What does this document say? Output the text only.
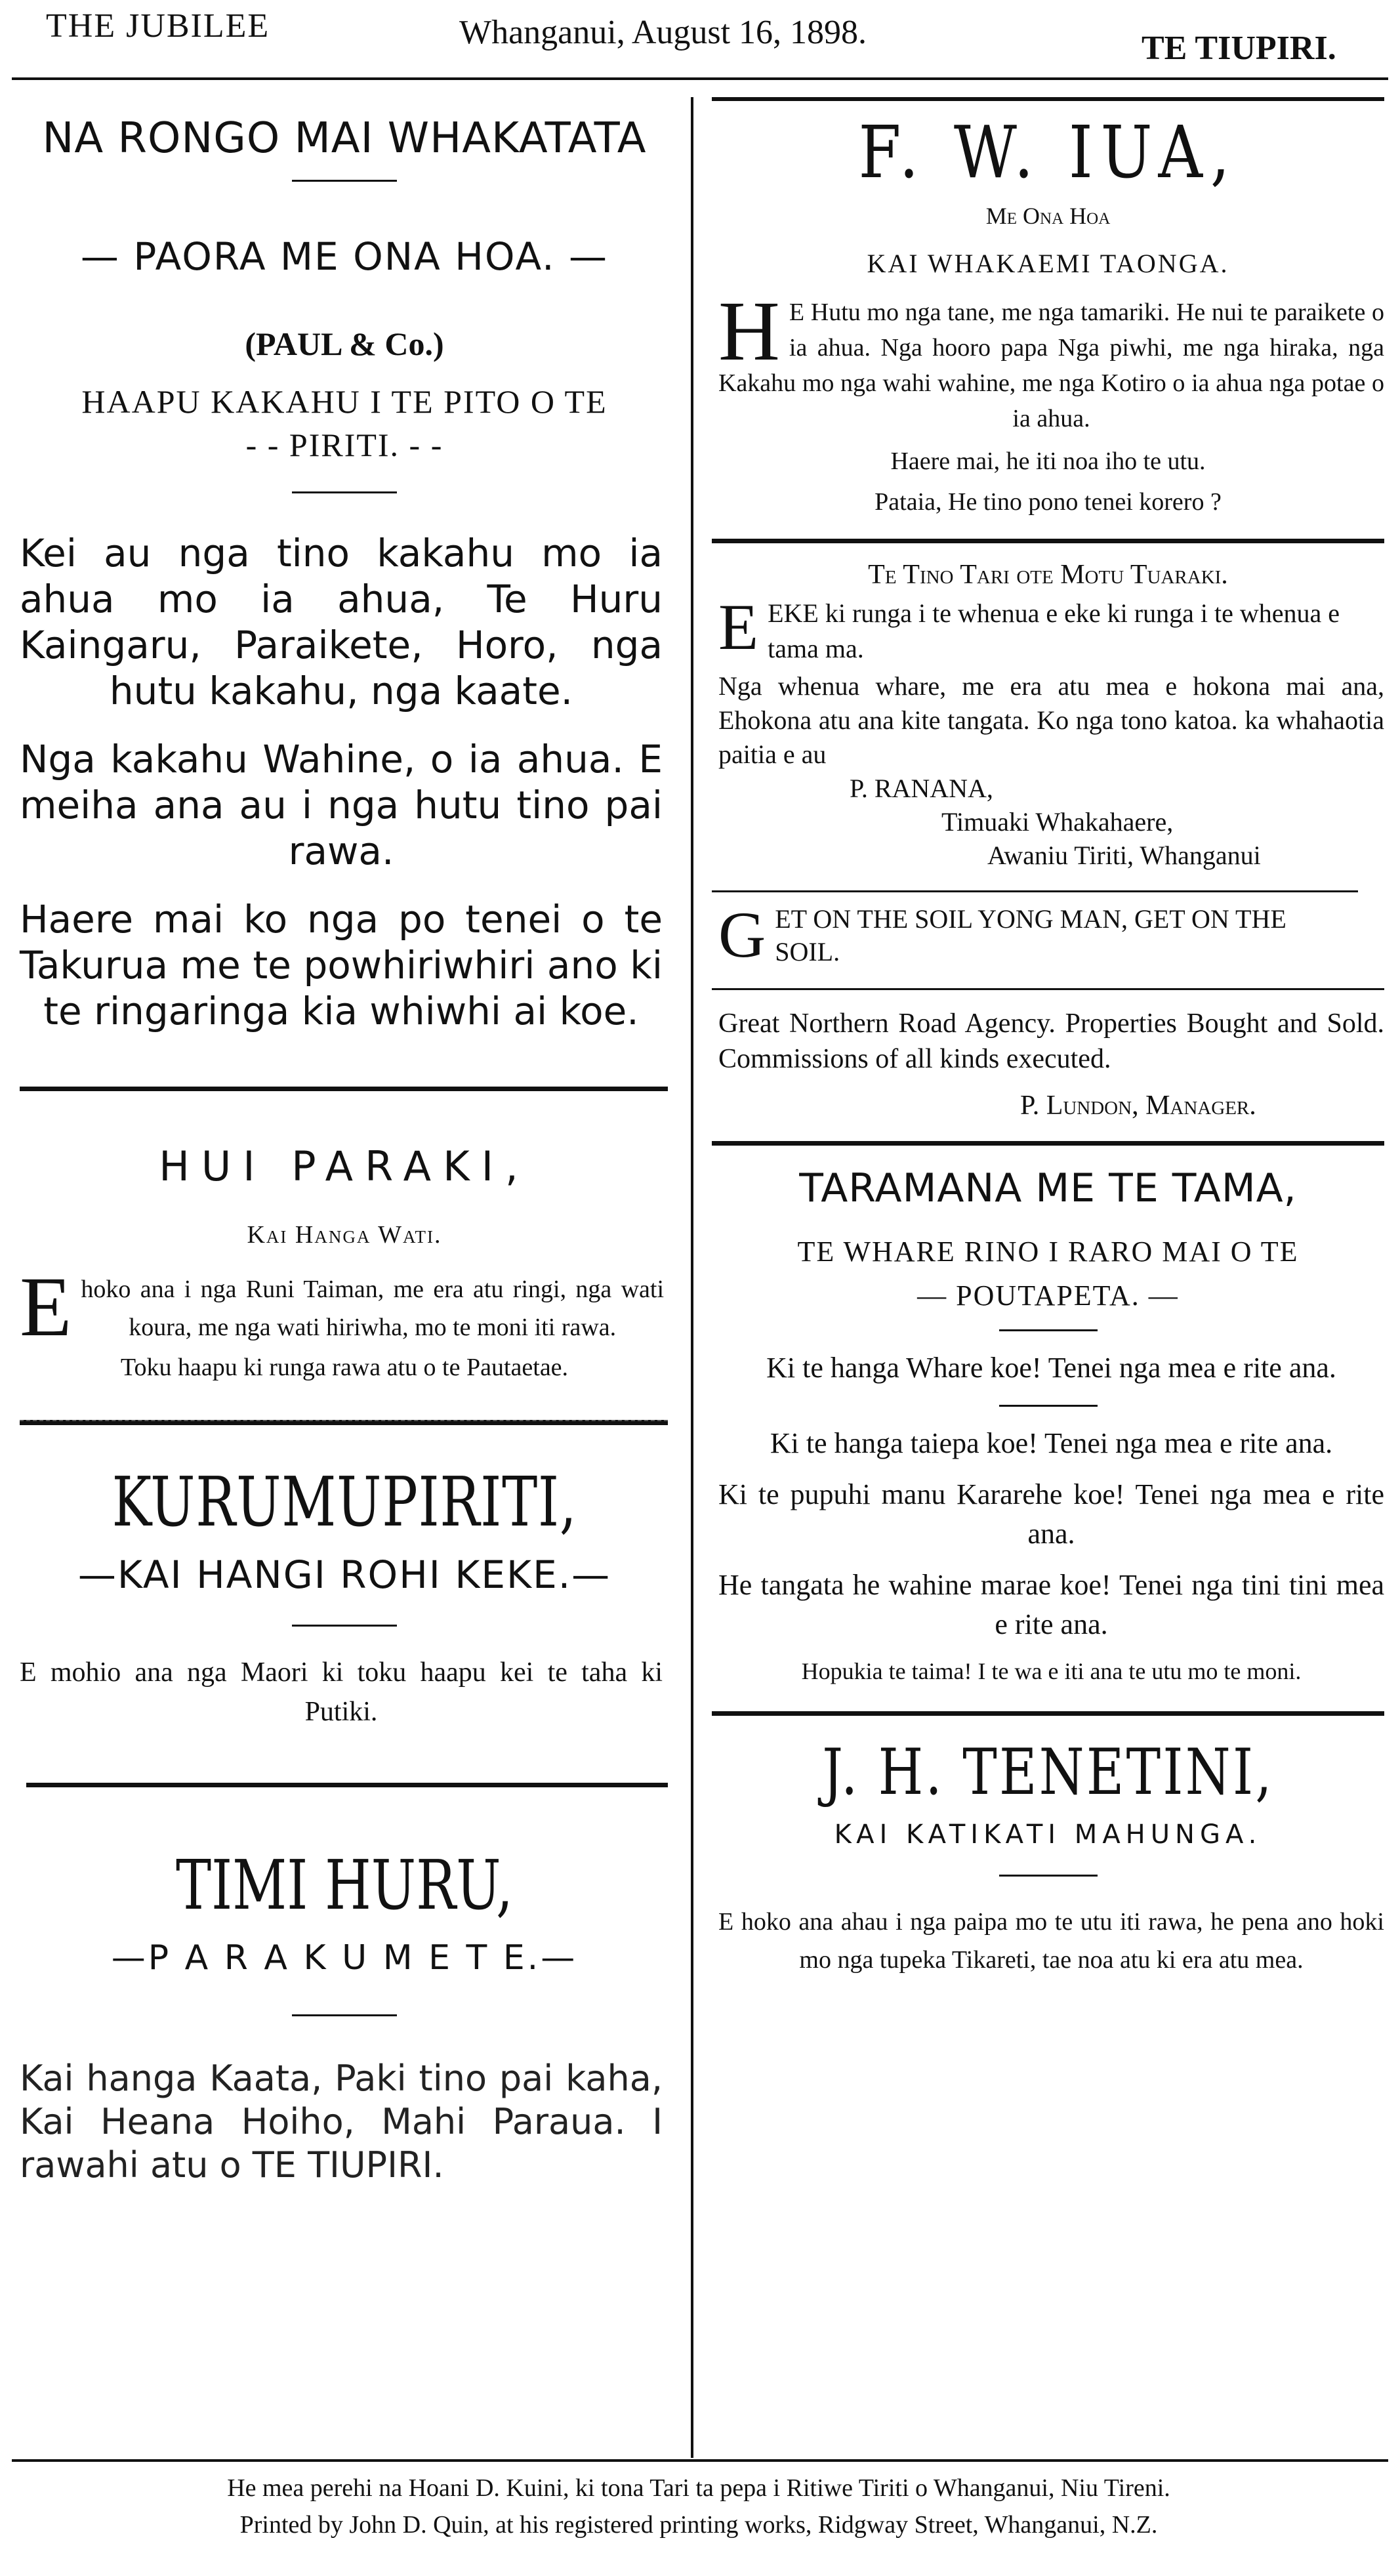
THE JUBILEE	Whanganui, August 16, 1898.	TE TIUPIRI.
NA RONGO MAI WHAKATATA
— PAORA ME ONA HOA. —
(PAUL & Co.)
HAAPU KAKAHU I TE PITO O TE
- - PIRITI. - -

Kei au nga tino kakahu mo ia ahua mo ia ahua, Te Huru Kaingaru, Paraikete, Horo, nga hutu kakahu, nga kaate.

Nga kakahu Wahine, o ia ahua. E meiha ana au i nga hutu tino pai rawa.

Haere mai ko nga po tenei o te Takurua me te powhiriwhiri ano ki te ringaringa kia whiwhi ai koe.

HUI PARAKI,
Kai Hanga Wati.
E hoko ana i nga Runi Taiman, me era atu ringi, nga wati koura, me nga wati hiriwha, mo te moni iti rawa.

Toku haapu ki runga rawa atu o te Pautaetae.

KURUMUPIRITI,
—KAI HANGI ROHI KEKE.—

E mohio ana nga Maori ki toku haapu kei te taha ki Putiki.

TIMI HURU,
—P A R A K U M E T E.—

Kai hanga Kaata, Paki tino pai kaha, Kai Heana Hoiho, Mahi Paraua. I rawahi atu o TE TIUPIRI.

F. W. IUA,
Me Ona Hoa
KAI WHAKAEMI TAONGA.
H E Hutu mo nga tane, me nga tamariki. He nui te paraikete o ia ahua. Nga hooro papa Nga piwhi, me nga hiraka, nga Kakahu mo nga wahi wahine, me nga Kotiro o ia ahua nga potae o ia ahua.

Haere mai, he iti noa iho te utu.

Pataia, He tino pono tenei korero ?

Te Tino Tari ote Motu Tuaraki.
E EKE ki runga i te whenua e eke ki runga i te whenua e tama ma.

Nga whenua whare, me era atu mea e hokona mai ana, Ehokona atu ana kite tangata. Ko nga tono katoa. ka whahaotia paitia e au

P. RANANA,

Timuaki Whakahaere,

Awaniu Tiriti, Whanganui

G ET ON THE SOIL YONG MAN, GET ON THE

SOIL.

Great Northern Road Agency. Properties Bought and Sold. Commissions of all kinds executed.

P. Lundon, Manager.

TARAMANA ME TE TAMA,
TE WHARE RINO I RARO MAI O TE
— POUTAPETA. —

Ki te hanga Whare koe! Tenei nga mea e rite ana.

Ki te hanga taiepa koe! Tenei nga mea e rite ana.

Ki te pupuhi manu Kararehe koe! Tenei nga mea e rite ana.

He tangata he wahine marae koe! Tenei nga tini tini mea e rite ana.

Hopukia te taima! I te wa e iti ana te utu mo te moni.

J. H. TENETINI,
KAI KATIKATI MAHUNGA.

E hoko ana ahau i nga paipa mo te utu iti rawa, he pena ano hoki mo nga tupeka Tikareti, tae noa atu ki era atu mea.

He mea perehi na Hoani D. Kuini, ki tona Tari ta pepa i Ritiwe Tiriti o Whanganui, Niu Tireni.
Printed by John D. Quin, at his registered printing works, Ridgway Street, Whanganui, N.Z.
